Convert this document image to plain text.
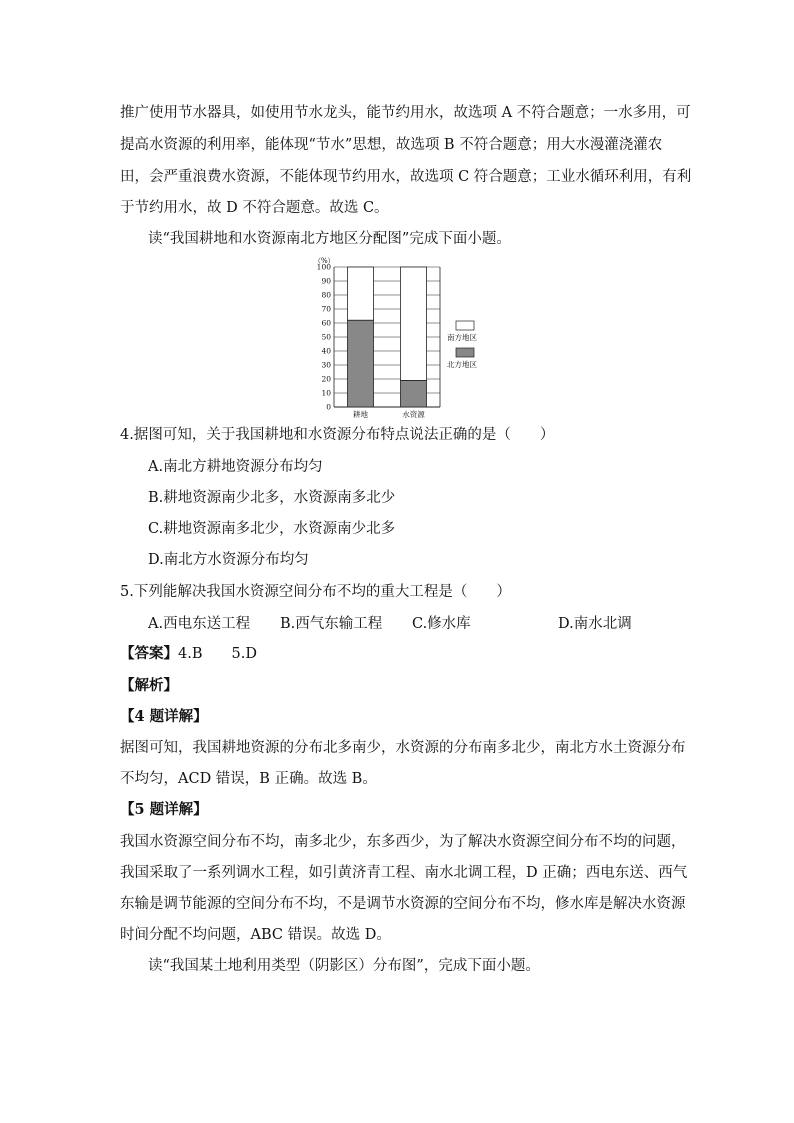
推广使用节水器具，如使用节水龙头，能节约用水，故选项 A 不符合题意；一水多用，可
提高水资源的利用率，能体现“节水”思想，故选项 B 不符合题意；用大水漫灌浇灌农
田，会严重浪费水资源，不能体现节约用水，故选项 C 符合题意；工业水循环利用，有利
于节约用水，故 D 不符合题意。故选 C。
读“我国耕地和水资源南北方地区分配图”完成下面小题。
（%）
0
10
20
30
40
50
60
70
80
90
100
耕地	水资源
南方地区
北方地区
4.据图可知，关于我国耕地和水资源分布特点说法正确的是（　　）
A.南北方耕地资源分布均匀
B.耕地资源南少北多，水资源南多北少
C.耕地资源南多北少，水资源南少北多
D.南北方水资源分布均匀
5.下列能解决我国水资源空间分布不均的重大工程是（　　）
A.西电东送工程 B.西气东输工程 C.修水库	D.南水北调
【答案】4.B　　5.D
【解析】
【4 题详解】
据图可知，我国耕地资源的分布北多南少，水资源的分布南多北少，南北方水土资源分布
不均匀，ACD 错误，B 正确。故选 B。
【5 题详解】
我国水资源空间分布不均，南多北少，东多西少，为了解决水资源空间分布不均的问题，
我国采取了一系列调水工程，如引黄济青工程、南水北调工程，D 正确；西电东送、西气
东输是调节能源的空间分布不均，不是调节水资源的空间分布不均，修水库是解决水资源
时间分配不均问题，ABC 错误。故选 D。
读“我国某土地利用类型（阴影区）分布图”，完成下面小题。
